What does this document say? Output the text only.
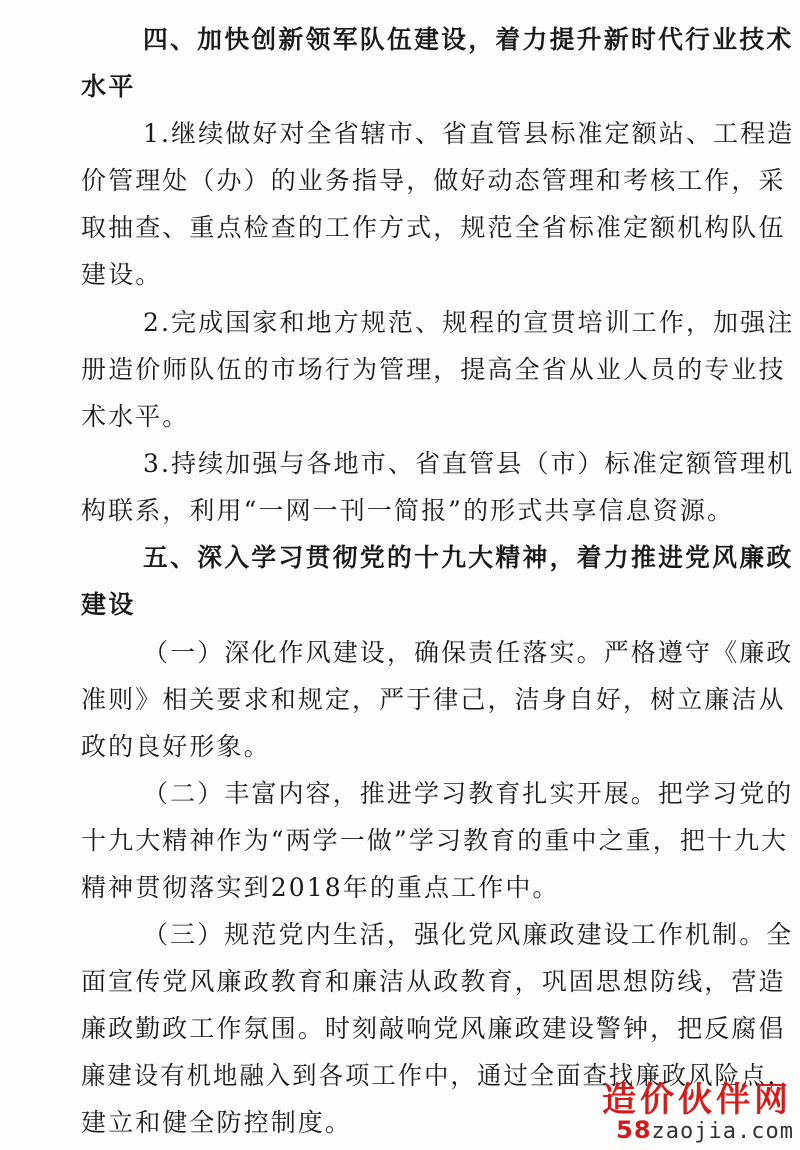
四、加快创新领军队伍建设，着力提升新时代行业技术
水平
1.继续做好对全省辖市、省直管县标准定额站、工程造
价管理处（办）的业务指导，做好动态管理和考核工作，采
取抽查、重点检查的工作方式，规范全省标准定额机构队伍
建设。
2.完成国家和地方规范、规程的宣贯培训工作，加强注
册造价师队伍的市场行为管理，提高全省从业人员的专业技
术水平。
3.持续加强与各地市、省直管县（市）标准定额管理机
构联系，利用“一网一刊一简报”的形式共享信息资源。
五、深入学习贯彻党的十九大精神，着力推进党风廉政
建设
（一）深化作风建设，确保责任落实。严格遵守《廉政
准则》相关要求和规定，严于律己，洁身自好，树立廉洁从
政的良好形象。
（二）丰富内容，推进学习教育扎实开展。把学习党的
十九大精神作为“两学一做”学习教育的重中之重，把十九大
精神贯彻落实到2018年的重点工作中。
（三）规范党内生活，强化党风廉政建设工作机制。全
面宣传党风廉政教育和廉洁从政教育，巩固思想防线，营造
廉政勤政工作氛围。时刻敲响党风廉政建设警钟，把反腐倡
廉建设有机地融入到各项工作中，通过全面查找廉政风险点，
建立和健全防控制度。
造价伙伴网
58zaojia.com
